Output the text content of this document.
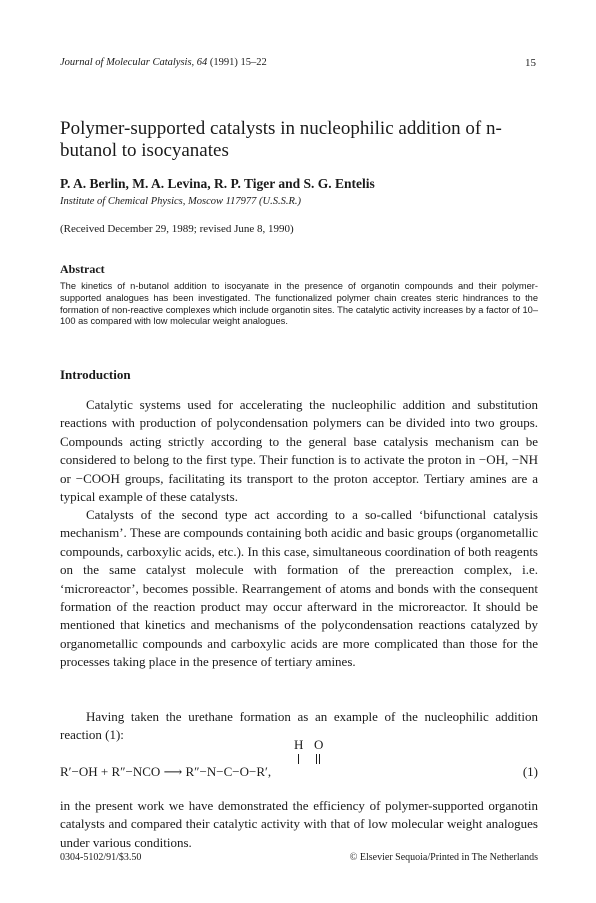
Journal of Molecular Catalysis, 64 (1991) 15–22	15
Polymer-supported catalysts in nucleophilic addition of n-butanol to isocyanates
P. A. Berlin, M. A. Levina, R. P. Tiger and S. G. Entelis
Institute of Chemical Physics, Moscow 117977 (U.S.S.R.)
(Received December 29, 1989; revised June 8, 1990)
Abstract

The kinetics of n-butanol addition to isocyanate in the presence of organotin compounds and their polymer-supported analogues has been investigated. The functionalized polymer chain creates steric hindrances to the formation of non-reactive complexes which include organotin sites. The catalytic activity increases by a factor of 10–100 as compared with low molecular weight analogues.

Introduction

Catalytic systems used for accelerating the nucleophilic addition and substitution reactions with production of polycondensation polymers can be divided into two groups. Compounds acting strictly according to the general base catalysis mechanism can be considered to belong to the first type. Their function is to activate the proton in −OH, −NH or −COOH groups, facilitating its transport to the proton acceptor. Tertiary amines are a typical example of these catalysts.

Catalysts of the second type act according to a so-called ‘bifunctional catalysis mechanism’. These are compounds containing both acidic and basic groups (organometallic compounds, carboxylic acids, etc.). In this case, simultaneous coordination of both reagents on the same catalyst molecule with formation of the prereaction complex, i.e. ‘microreactor’, becomes possible. Rearrangement of atoms and bonds with the consequent formation of the reaction product may occur afterward in the microreactor. It should be mentioned that kinetics and mechanisms of the polycondensation reactions catalyzed by organometallic compounds and carboxylic acids are more complicated than those for the processes taking place in the presence of tertiary amines.

Having taken the urethane formation as an example of the nucleophilic addition reaction (1):

H O
R′−OH + R″−NCO ⟶ R″−N−C−O−R′,	(1)

in the present work we have demonstrated the efficiency of polymer-supported organotin catalysts and compared their catalytic activity with that of low molecular weight analogues under various conditions.

0304-5102/91/$3.50	© Elsevier Sequoia/Printed in The Netherlands
